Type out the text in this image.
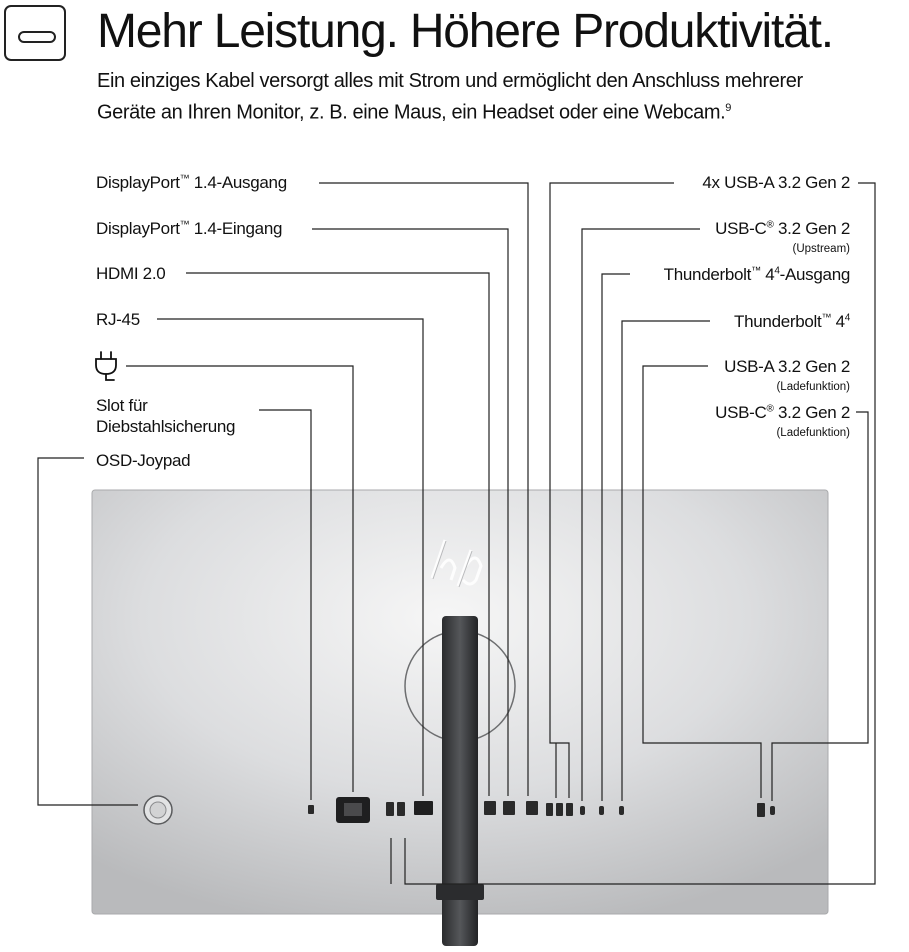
Mehr Leistung. Höhere Produktivität.
Ein einziges Kabel versorgt alles mit Strom und ermöglicht den Anschluss mehrerer
Geräte an Ihren Monitor, z. B. eine Maus, ein Headset oder eine Webcam.$^9$
DisplayPort™ 1.4-Ausgang
DisplayPort™ 1.4-Eingang
HDMI 2.0
RJ-45
Slot für
Diebstahlsicherung
OSD-Joypad
4x USB-A 3.2 Gen 2
USB-C® 3.2 Gen 2
(Upstream)
Thunderbolt™ $4^4$-Ausgang
Thunderbolt™ $4^4$
USB-A 3.2 Gen 2
(Ladefunktion)
USB-C® 3.2 Gen 2
(Ladefunktion)
